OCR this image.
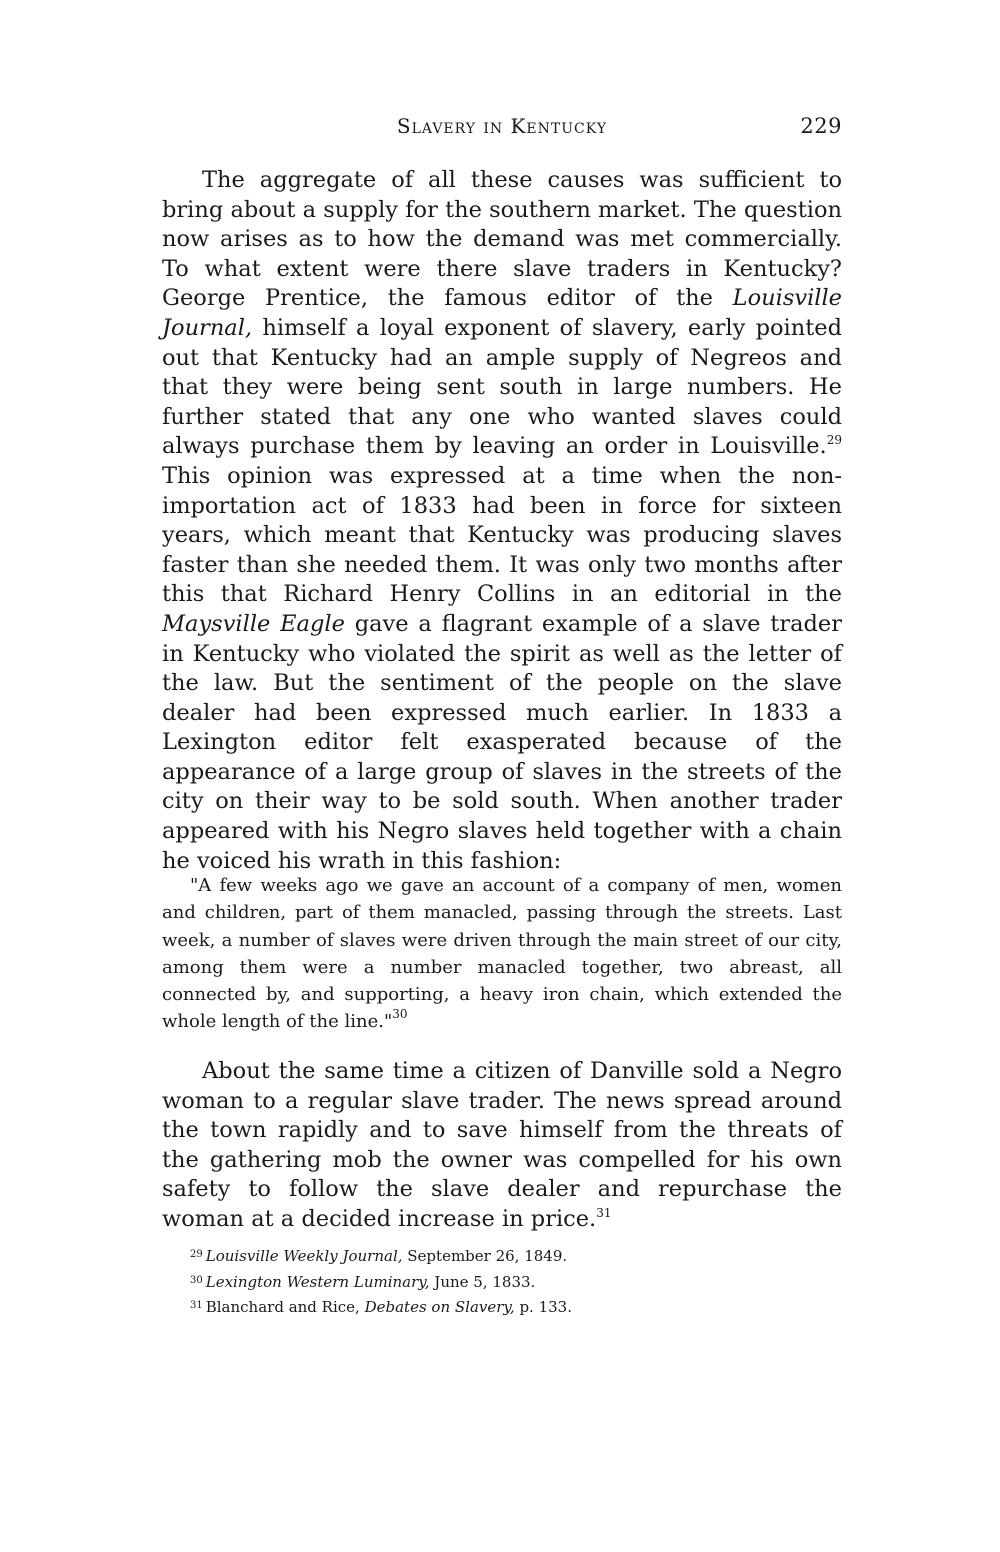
Slavery in Kentucky	229

The aggregate of all these causes was sufficient to bring about a supply for the southern market. The question now arises as to how the demand was met commercially. To what extent were there slave traders in Kentucky? George Prentice, the famous editor of the Louisville Journal, himself a loyal exponent of slavery, early pointed out that Kentucky had an ample supply of Negreos and that they were being sent south in large numbers. He further stated that any one who wanted slaves could always purchase them by leaving an order in Louisville.$^{29}$ This opinion was expressed at a time when the non-importation act of 1833 had been in force for sixteen years, which meant that Kentucky was producing slaves faster than she needed them. It was only two months after this that Richard Henry Collins in an editorial in the Maysville Eagle gave a flagrant example of a slave trader in Kentucky who violated the spirit as well as the letter of the law. But the sentiment of the people on the slave dealer had been expressed much earlier. In 1833 a Lexington editor felt exasperated because of the appearance of a large group of slaves in the streets of the city on their way to be sold south. When another trader appeared with his Negro slaves held together with a chain he voiced his wrath in this fashion:

"A few weeks ago we gave an account of a company of men, women and children, part of them manacled, passing through the streets. Last week, a number of slaves were driven through the main street of our city, among them were a number manacled together, two abreast, all connected by, and supporting, a heavy iron chain, which extended the whole length of the line."$^{30}$

About the same time a citizen of Danville sold a Negro woman to a regular slave trader. The news spread around the town rapidly and to save himself from the threats of the gathering mob the owner was compelled for his own safety to follow the slave dealer and repurchase the woman at a decided increase in price.$^{31}$

$^{29}$ Louisville Weekly Journal, September 26, 1849.

$^{30}$ Lexington Western Luminary, June 5, 1833.

$^{31}$ Blanchard and Rice, Debates on Slavery, p. 133.
